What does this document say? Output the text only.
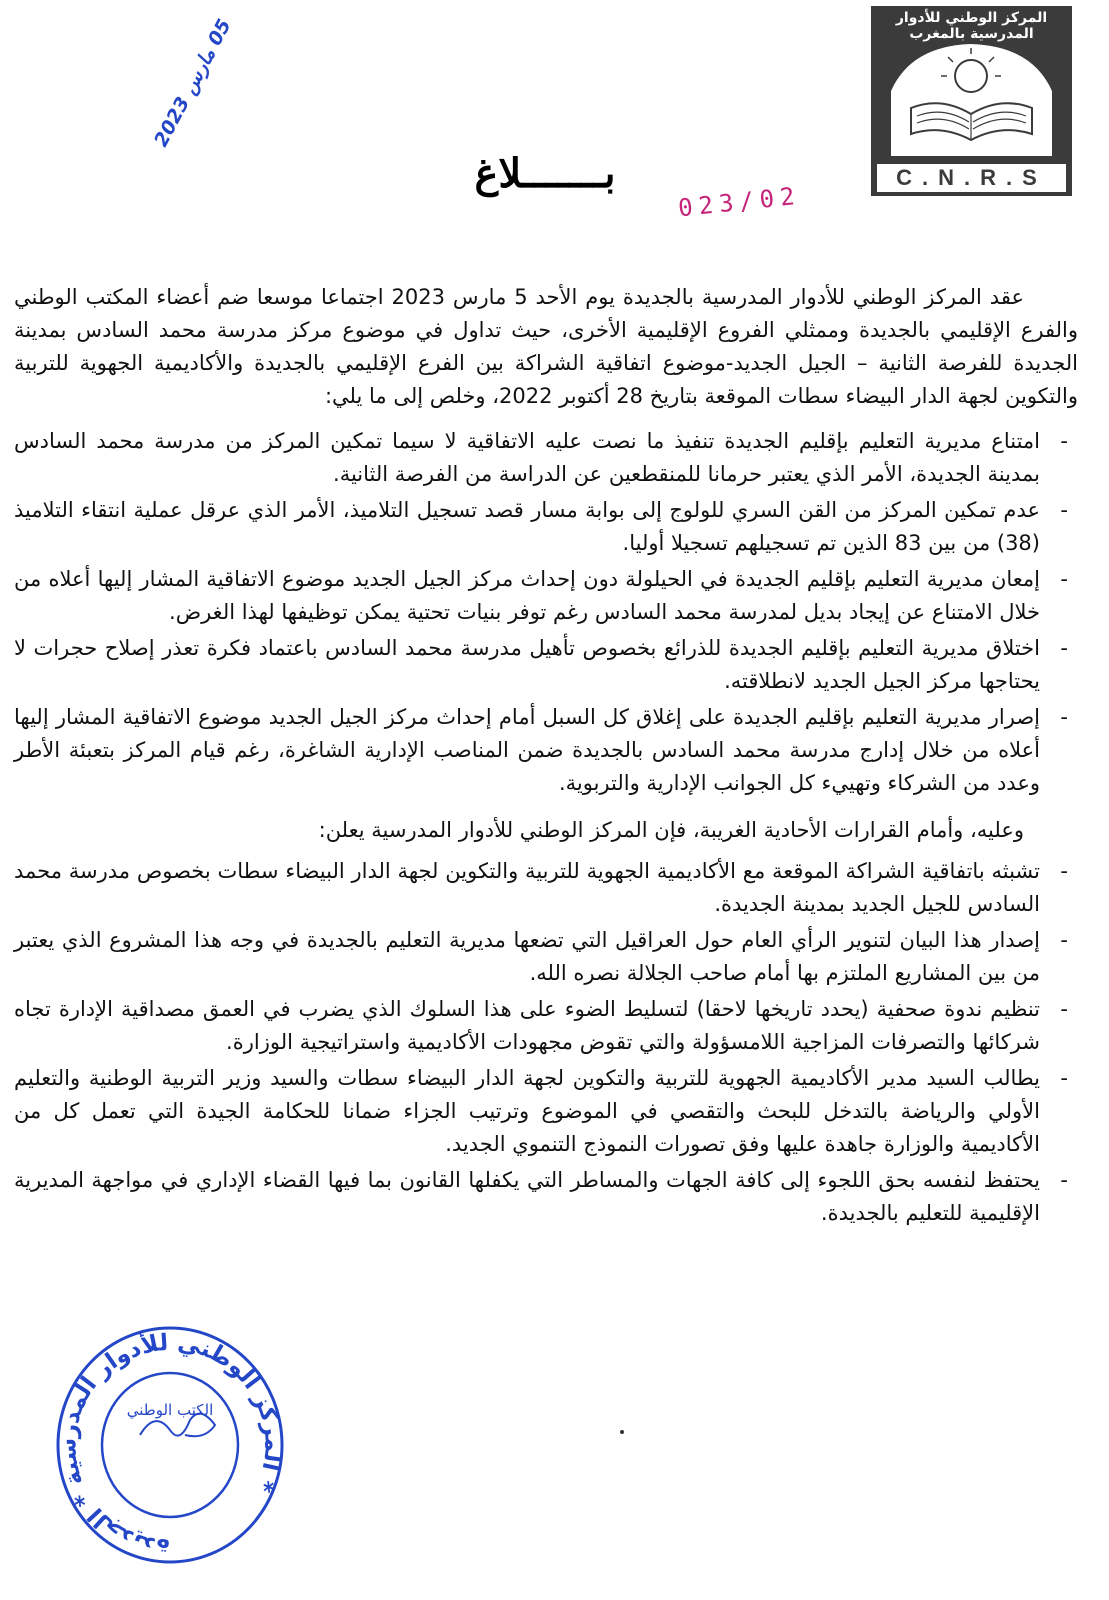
المركز الوطني للأدوار المدرسية بالمغرب
C.N.R.S
05 مارس 2023
بـــــــلاغ
023/02

عقد المركز الوطني للأدوار المدرسية بالجديدة يوم الأحد 5 مارس 2023 اجتماعا موسعا ضم أعضاء المكتب الوطني والفرع الإقليمي بالجديدة وممثلي الفروع الإقليمية الأخرى، حيث تداول في موضوع مركز مدرسة محمد السادس بمدينة الجديدة للفرصة الثانية – الجيل الجديد-موضوع اتفاقية الشراكة بين الفرع الإقليمي بالجديدة والأكاديمية الجهوية للتربية والتكوين لجهة الدار البيضاء سطات الموقعة بتاريخ 28 أكتوبر 2022، وخلص إلى ما يلي:

- امتناع مديرية التعليم بإقليم الجديدة تنفيذ ما نصت عليه الاتفاقية لا سيما تمكين المركز من مدرسة محمد السادس بمدينة الجديدة، الأمر الذي يعتبر حرمانا للمنقطعين عن الدراسة من الفرصة الثانية.
- عدم تمكين المركز من القن السري للولوج إلى بوابة مسار قصد تسجيل التلاميذ، الأمر الذي عرقل عملية انتقاء التلاميذ (38) من بين 83 الذين تم تسجيلهم تسجيلا أوليا.
- إمعان مديرية التعليم بإقليم الجديدة في الحيلولة دون إحداث مركز الجيل الجديد موضوع الاتفاقية المشار إليها أعلاه من خلال الامتناع عن إيجاد بديل لمدرسة محمد السادس رغم توفر بنيات تحتية يمكن توظيفها لهذا الغرض.
- اختلاق مديرية التعليم بإقليم الجديدة للذرائع بخصوص تأهيل مدرسة محمد السادس باعتماد فكرة تعذر إصلاح حجرات لا يحتاجها مركز الجيل الجديد لانطلاقته.
- إصرار مديرية التعليم بإقليم الجديدة على إغلاق كل السبل أمام إحداث مركز الجيل الجديد موضوع الاتفاقية المشار إليها أعلاه من خلال إدارج مدرسة محمد السادس بالجديدة ضمن المناصب الإدارية الشاغرة، رغم قيام المركز بتعبئة الأطر وعدد من الشركاء وتهييء كل الجوانب الإدارية والتربوية.

وعليه، وأمام القرارات الأحادية الغريبة، فإن المركز الوطني للأدوار المدرسية يعلن:

- تشبثه باتفاقية الشراكة الموقعة مع الأكاديمية الجهوية للتربية والتكوين لجهة الدار البيضاء سطات بخصوص مدرسة محمد السادس للجيل الجديد بمدينة الجديدة.
- إصدار هذا البيان لتنوير الرأي العام حول العراقيل التي تضعها مديرية التعليم بالجديدة في وجه هذا المشروع الذي يعتبر من بين المشاريع الملتزم بها أمام صاحب الجلالة نصره الله.
- تنظيم ندوة صحفية (يحدد تاريخها لاحقا) لتسليط الضوء على هذا السلوك الذي يضرب في العمق مصداقية الإدارة تجاه شركائها والتصرفات المزاجية اللامسؤولة والتي تقوض مجهودات الأكاديمية واستراتيجية الوزارة.
- يطالب السيد مدير الأكاديمية الجهوية للتربية والتكوين لجهة الدار البيضاء سطات والسيد وزير التربية الوطنية والتعليم الأولي والرياضة بالتدخل للبحث والتقصي في الموضوع وترتيب الجزاء ضمانا للحكامة الجيدة التي تعمل كل من الأكاديمية والوزارة جاهدة عليها وفق تصورات النموذج التنموي الجديد.
- يحتفظ لنفسه بحق اللجوء إلى كافة الجهات والمساطر التي يكفلها القانون بما فيها القضاء الإداري في مواجهة المديرية الإقليمية للتعليم بالجديدة.
المركز الوطني للأدوار المدرسية * الجديدة *
الكتب الوطني
